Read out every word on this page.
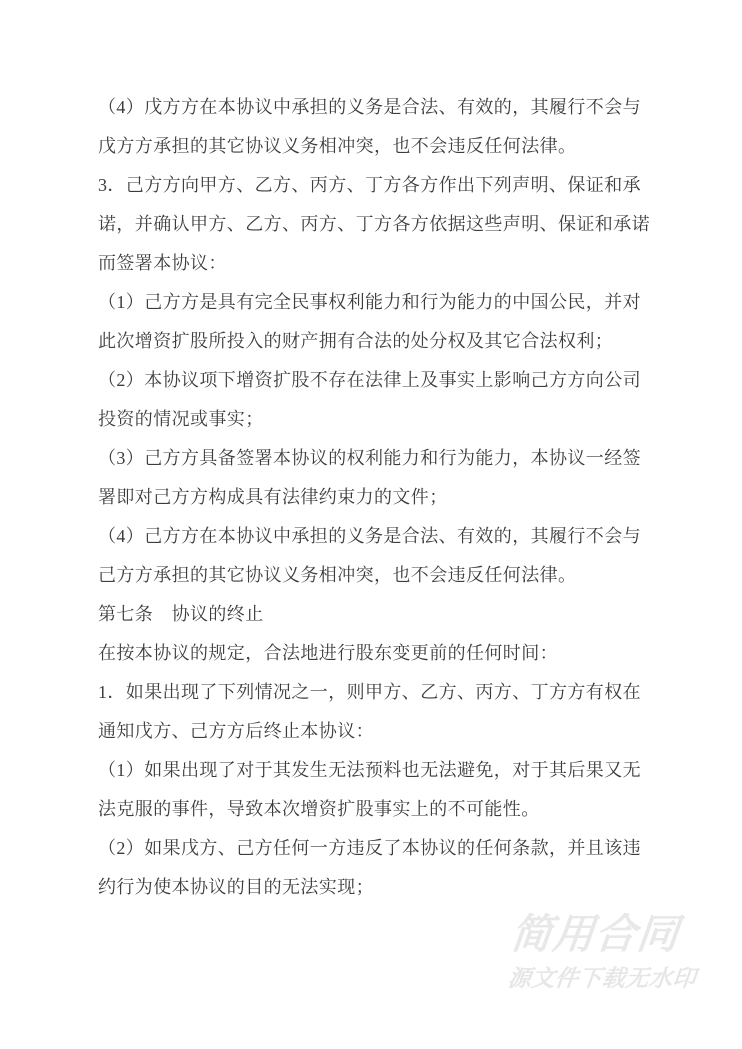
（4）戊方方在本协议中承担的义务是合法、有效的，其履行不会与
戊方方承担的其它协议义务相冲突，也不会违反任何法律。

3．己方方向甲方、乙方、丙方、丁方各方作出下列声明、保证和承
诺，并确认甲方、乙方、丙方、丁方各方依据这些声明、保证和承诺
而签署本协议：

（1）己方方是具有完全民事权利能力和行为能力的中国公民，并对
此次增资扩股所投入的财产拥有合法的处分权及其它合法权利；

（2）本协议项下增资扩股不存在法律上及事实上影响己方方向公司
投资的情况或事实；

（3）己方方具备签署本协议的权利能力和行为能力，本协议一经签
署即对己方方构成具有法律约束力的文件；

（4）己方方在本协议中承担的义务是合法、有效的，其履行不会与
己方方承担的其它协议义务相冲突，也不会违反任何法律。

第七条　协议的终止

在按本协议的规定，合法地进行股东变更前的任何时间：

1．如果出现了下列情况之一，则甲方、乙方、丙方、丁方方有权在
通知戊方、己方方后终止本协议：

（1）如果出现了对于其发生无法预料也无法避免，对于其后果又无
法克服的事件，导致本次增资扩股事实上的不可能性。

（2）如果戊方、己方任何一方违反了本协议的任何条款，并且该违
约行为使本协议的目的无法实现；

简用合同
源文件下载无水印
